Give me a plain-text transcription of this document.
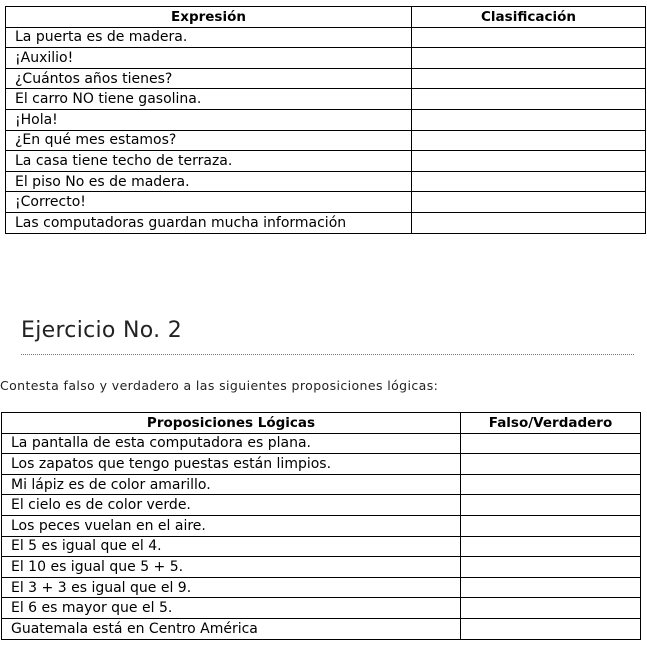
Expresión	Clasificación
La puerta es de madera.	
¡Auxilio!	
¿Cuántos años tienes?	
El carro NO tiene gasolina.	
¡Hola!	
¿En qué mes estamos?	
La casa tiene techo de terraza.	
El piso No es de madera.	
¡Correcto!	
Las computadoras guardan mucha información	
Ejercicio No. 2
Contesta falso y verdadero a las siguientes proposiciones lógicas:
Proposiciones Lógicas	Falso/Verdadero
La pantalla de esta computadora es plana.	
Los zapatos que tengo puestas están limpios.	
Mi lápiz es de color amarillo.	
El cielo es de color verde.	
Los peces vuelan en el aire.	
El 5 es igual que el 4.	
El 10 es igual que 5 + 5.	
El 3 + 3 es igual que el 9.	
El 6 es mayor que el 5.	
Guatemala está en Centro América	
